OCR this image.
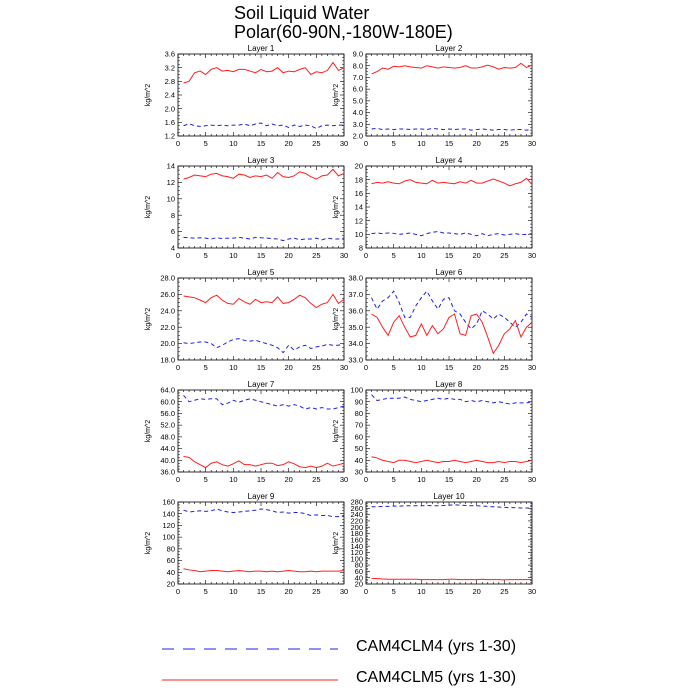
Layer 1
kg/m^2
0	5	10	15	20	25	30
1.2
1.6
2.0
2.4
2.8
3.2
3.6
Layer 2
kg/m^2
0	5	10	15	20	25	30
2.0
3.0
4.0
5.0
6.0
7.0
8.0
9.0
Layer 3
kg/m^2
0	5	10	15	20	25	30
4
6
8
10
12
14
Layer 4
kg/m^2
0	5	10	15	20	25	30
8
10
12
14
16
18
20
Layer 5
kg/m^2
0	5	10	15	20	25	30
18.0
20.0
22.0
24.0
26.0
28.0
Layer 6
kg/m^2
0	5	10	15	20	25	30
33.0
34.0
35.0
36.0
37.0
38.0
Layer 7
kg/m^2
0	5	10	15	20	25	30
36.0
40.0
44.0
48.0
52.0
56.0
60.0
64.0
Layer 8
kg/m^2
0	5	10	15	20	25	30
30
40
50
60
70
80
90
100
Layer 9
kg/m^2
0	5	10	15	20	25	30
20
40
60
80
100
120
140
160
Layer 10
kg/m^2
0	5	10	15	20	25	30
20
40
60
80
100
120
140
160
180
200
220
240
260
280
Soil Liquid Water
Polar(60-90N,-180W-180E)
CAM4CLM4 (yrs 1-30)
CAM4CLM5 (yrs 1-30)
